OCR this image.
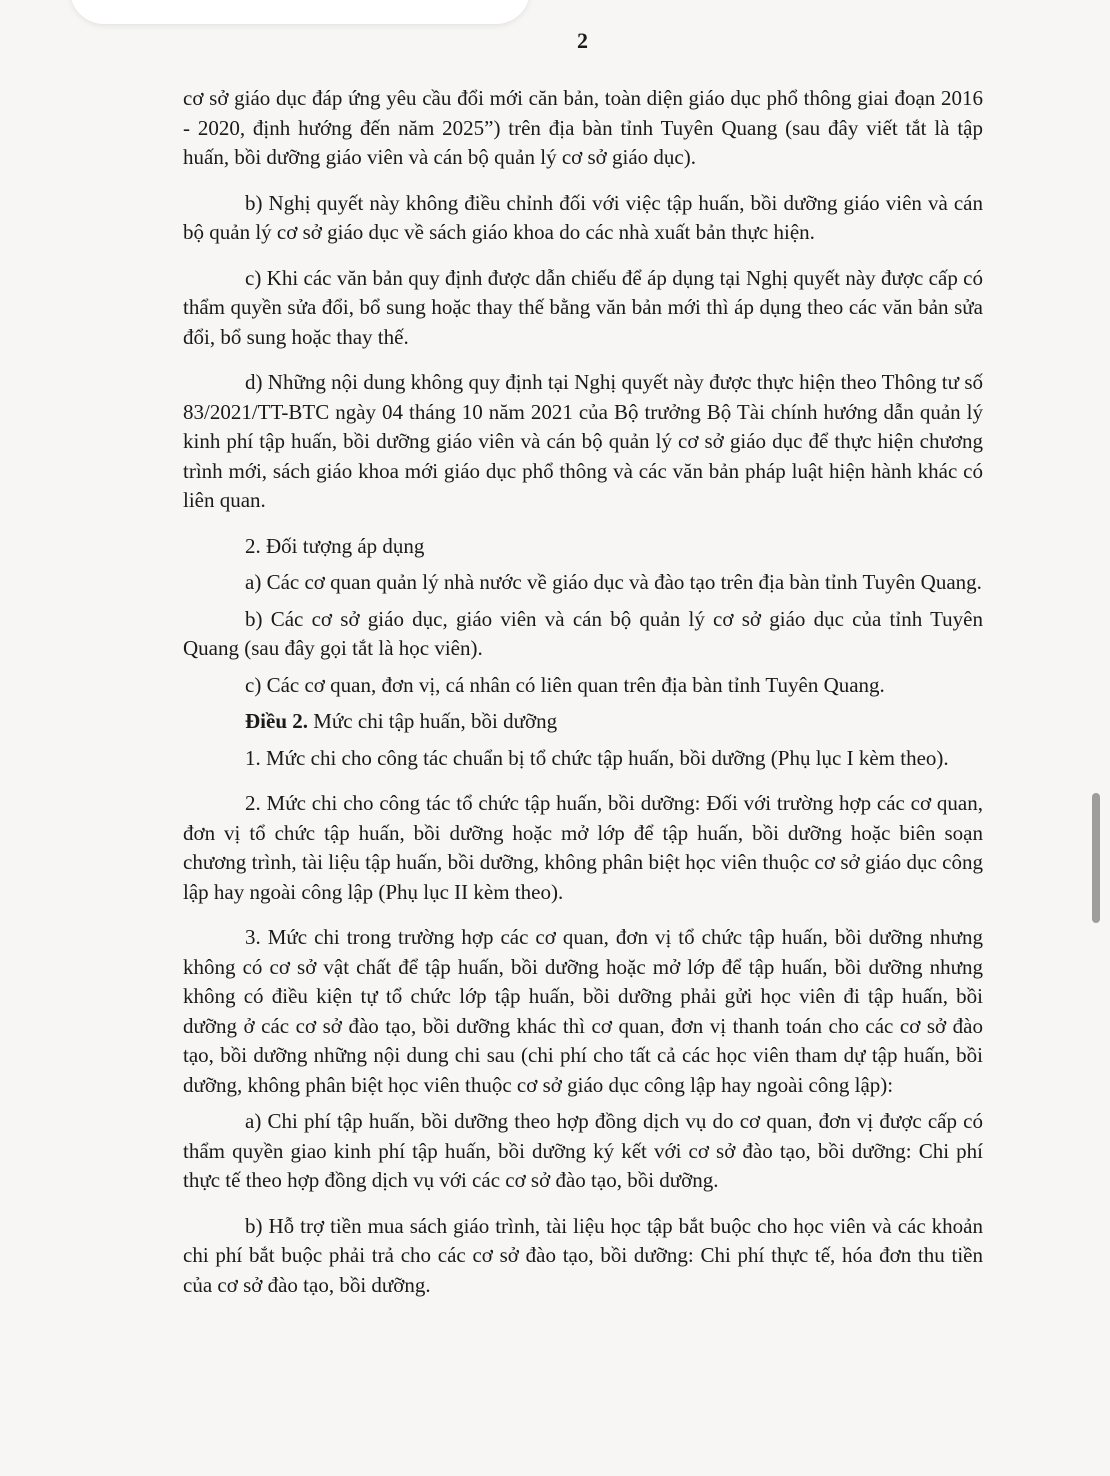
2

cơ sở giáo dục đáp ứng yêu cầu đổi mới căn bản, toàn diện giáo dục phổ thông giai đoạn 2016 - 2020, định hướng đến năm 2025”) trên địa bàn tỉnh Tuyên Quang (sau đây viết tắt là tập huấn, bồi dưỡng giáo viên và cán bộ quản lý cơ sở giáo dục).

b) Nghị quyết này không điều chỉnh đối với việc tập huấn, bồi dưỡng giáo viên và cán bộ quản lý cơ sở giáo dục về sách giáo khoa do các nhà xuất bản thực hiện.

c) Khi các văn bản quy định được dẫn chiếu để áp dụng tại Nghị quyết này được cấp có thẩm quyền sửa đổi, bổ sung hoặc thay thế bằng văn bản mới thì áp dụng theo các văn bản sửa đổi, bổ sung hoặc thay thế.

d) Những nội dung không quy định tại Nghị quyết này được thực hiện theo Thông tư số 83/2021/TT-BTC ngày 04 tháng 10 năm 2021 của Bộ trưởng Bộ Tài chính hướng dẫn quản lý kinh phí tập huấn, bồi dưỡng giáo viên và cán bộ quản lý cơ sở giáo dục để thực hiện chương trình mới, sách giáo khoa mới giáo dục phổ thông và các văn bản pháp luật hiện hành khác có liên quan.

2. Đối tượng áp dụng

a) Các cơ quan quản lý nhà nước về giáo dục và đào tạo trên địa bàn tỉnh Tuyên Quang.

b) Các cơ sở giáo dục, giáo viên và cán bộ quản lý cơ sở giáo dục của tỉnh Tuyên Quang (sau đây gọi tắt là học viên).

c) Các cơ quan, đơn vị, cá nhân có liên quan trên địa bàn tỉnh Tuyên Quang.

Điều 2. Mức chi tập huấn, bồi dưỡng

1. Mức chi cho công tác chuẩn bị tổ chức tập huấn, bồi dưỡng (Phụ lục I kèm theo).

2. Mức chi cho công tác tổ chức tập huấn, bồi dưỡng: Đối với trường hợp các cơ quan, đơn vị tổ chức tập huấn, bồi dưỡng hoặc mở lớp để tập huấn, bồi dưỡng hoặc biên soạn chương trình, tài liệu tập huấn, bồi dưỡng, không phân biệt học viên thuộc cơ sở giáo dục công lập hay ngoài công lập (Phụ lục II kèm theo).

3. Mức chi trong trường hợp các cơ quan, đơn vị tổ chức tập huấn, bồi dưỡng nhưng không có cơ sở vật chất để tập huấn, bồi dưỡng hoặc mở lớp để tập huấn, bồi dưỡng nhưng không có điều kiện tự tổ chức lớp tập huấn, bồi dưỡng phải gửi học viên đi tập huấn, bồi dưỡng ở các cơ sở đào tạo, bồi dưỡng khác thì cơ quan, đơn vị thanh toán cho các cơ sở đào tạo, bồi dưỡng những nội dung chi sau (chi phí cho tất cả các học viên tham dự tập huấn, bồi dưỡng, không phân biệt học viên thuộc cơ sở giáo dục công lập hay ngoài công lập):

a) Chi phí tập huấn, bồi dưỡng theo hợp đồng dịch vụ do cơ quan, đơn vị được cấp có thẩm quyền giao kinh phí tập huấn, bồi dưỡng ký kết với cơ sở đào tạo, bồi dưỡng: Chi phí thực tế theo hợp đồng dịch vụ với các cơ sở đào tạo, bồi dưỡng.

b) Hỗ trợ tiền mua sách giáo trình, tài liệu học tập bắt buộc cho học viên và các khoản chi phí bắt buộc phải trả cho các cơ sở đào tạo, bồi dưỡng: Chi phí thực tế, hóa đơn thu tiền của cơ sở đào tạo, bồi dưỡng.
